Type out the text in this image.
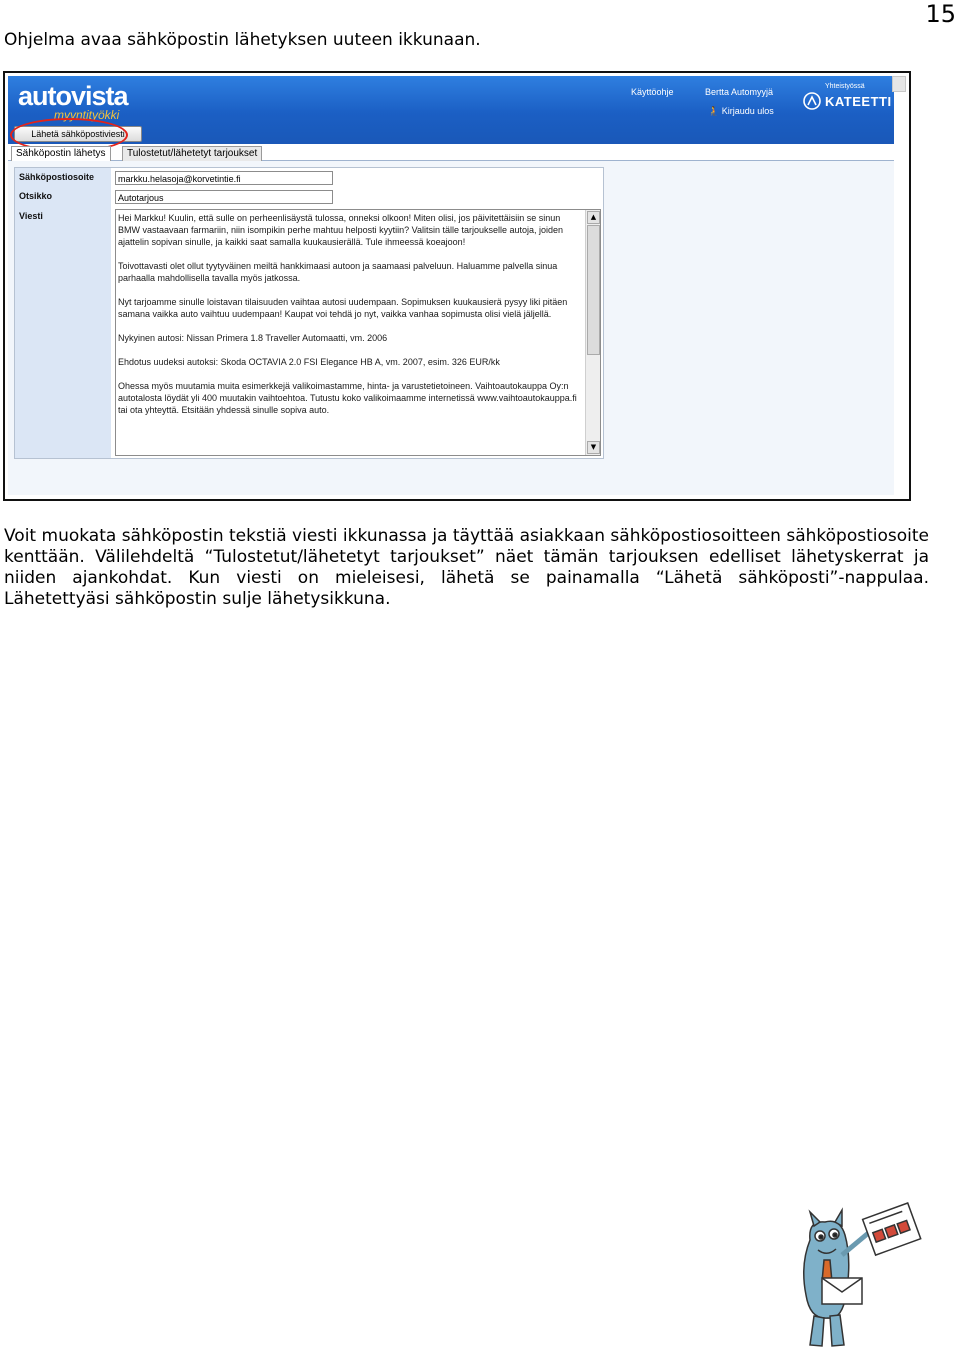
15
Ohjelma avaa sähköpostin lähetyksen uuteen ikkunaan.
autovista
myyntityökki
Käyttöohje	Bertta Automyyjä
🧎 Kirjaudu ulos
Yhteistyössä
KATEETTI
Lähetä sähköpostiviesti
Sähköpostin lähetys	Tulostetut/lähetetyt tarjoukset
Sähköpostiosoite
Otsikko
Viesti
markku.helasoja@korvetintie.fi
Autotarjous

Hei Markku! Kuulin, että sulle on perheenlisäystä tulossa, onneksi olkoon! Miten olisi, jos päivitettäisiin se sinun BMW vastaavaan farmariin, niin isompikin perhe mahtuu helposti kyytiin? Valitsin tälle tarjoukselle autoja, joiden ajattelin sopivan sinulle, ja kaikki saat samalla kuukausierällä. Tule ihmeessä koeajoon!

Toivottavasti olet ollut tyytyväinen meiltä hankkimaasi autoon ja saamaasi palveluun. Haluamme palvella sinua parhaalla mahdollisella tavalla myös jatkossa.

Nyt tarjoamme sinulle loistavan tilaisuuden vaihtaa autosi uudempaan. Sopimuksen kuukausierä pysyy liki pitäen samana vaikka auto vaihtuu uudempaan! Kaupat voi tehdä jo nyt, vaikka vanhaa sopimusta olisi vielä jäljellä.

Nykyinen autosi: Nissan Primera 1.8 Traveller Automaatti, vm. 2006

Ehdotus uudeksi autoksi: Skoda OCTAVIA 2.0 FSI Elegance HB A, vm. 2007, esim. 326 EUR/kk

Ohessa myös muutamia muita esimerkkejä valikoimastamme, hinta- ja varustetietoineen. Vaihtoautokauppa Oy:n autotalosta löydät yli 400 muutakin vaihtoehtoa. Tutustu koko valikoimaamme internetissä www.vaihtoautokauppa.fi tai ota yhteyttä. Etsitään yhdessä sinulle sopiva auto.

▲
▼
Voit muokata sähköpostin tekstiä viesti ikkunassa ja täyttää asiakkaan sähköpostiosoitteen sähköpostiosoite kenttään. Välilehdeltä “Tulostetut/lähetetyt tarjoukset” näet tämän tarjouksen edelliset lähetyskerrat ja niiden ajankohdat. Kun viesti on mieleisesi, lähetä se painamalla “Lähetä sähköposti”-nappulaa. Lähetettyäsi sähköpostin sulje lähetysikkuna.
